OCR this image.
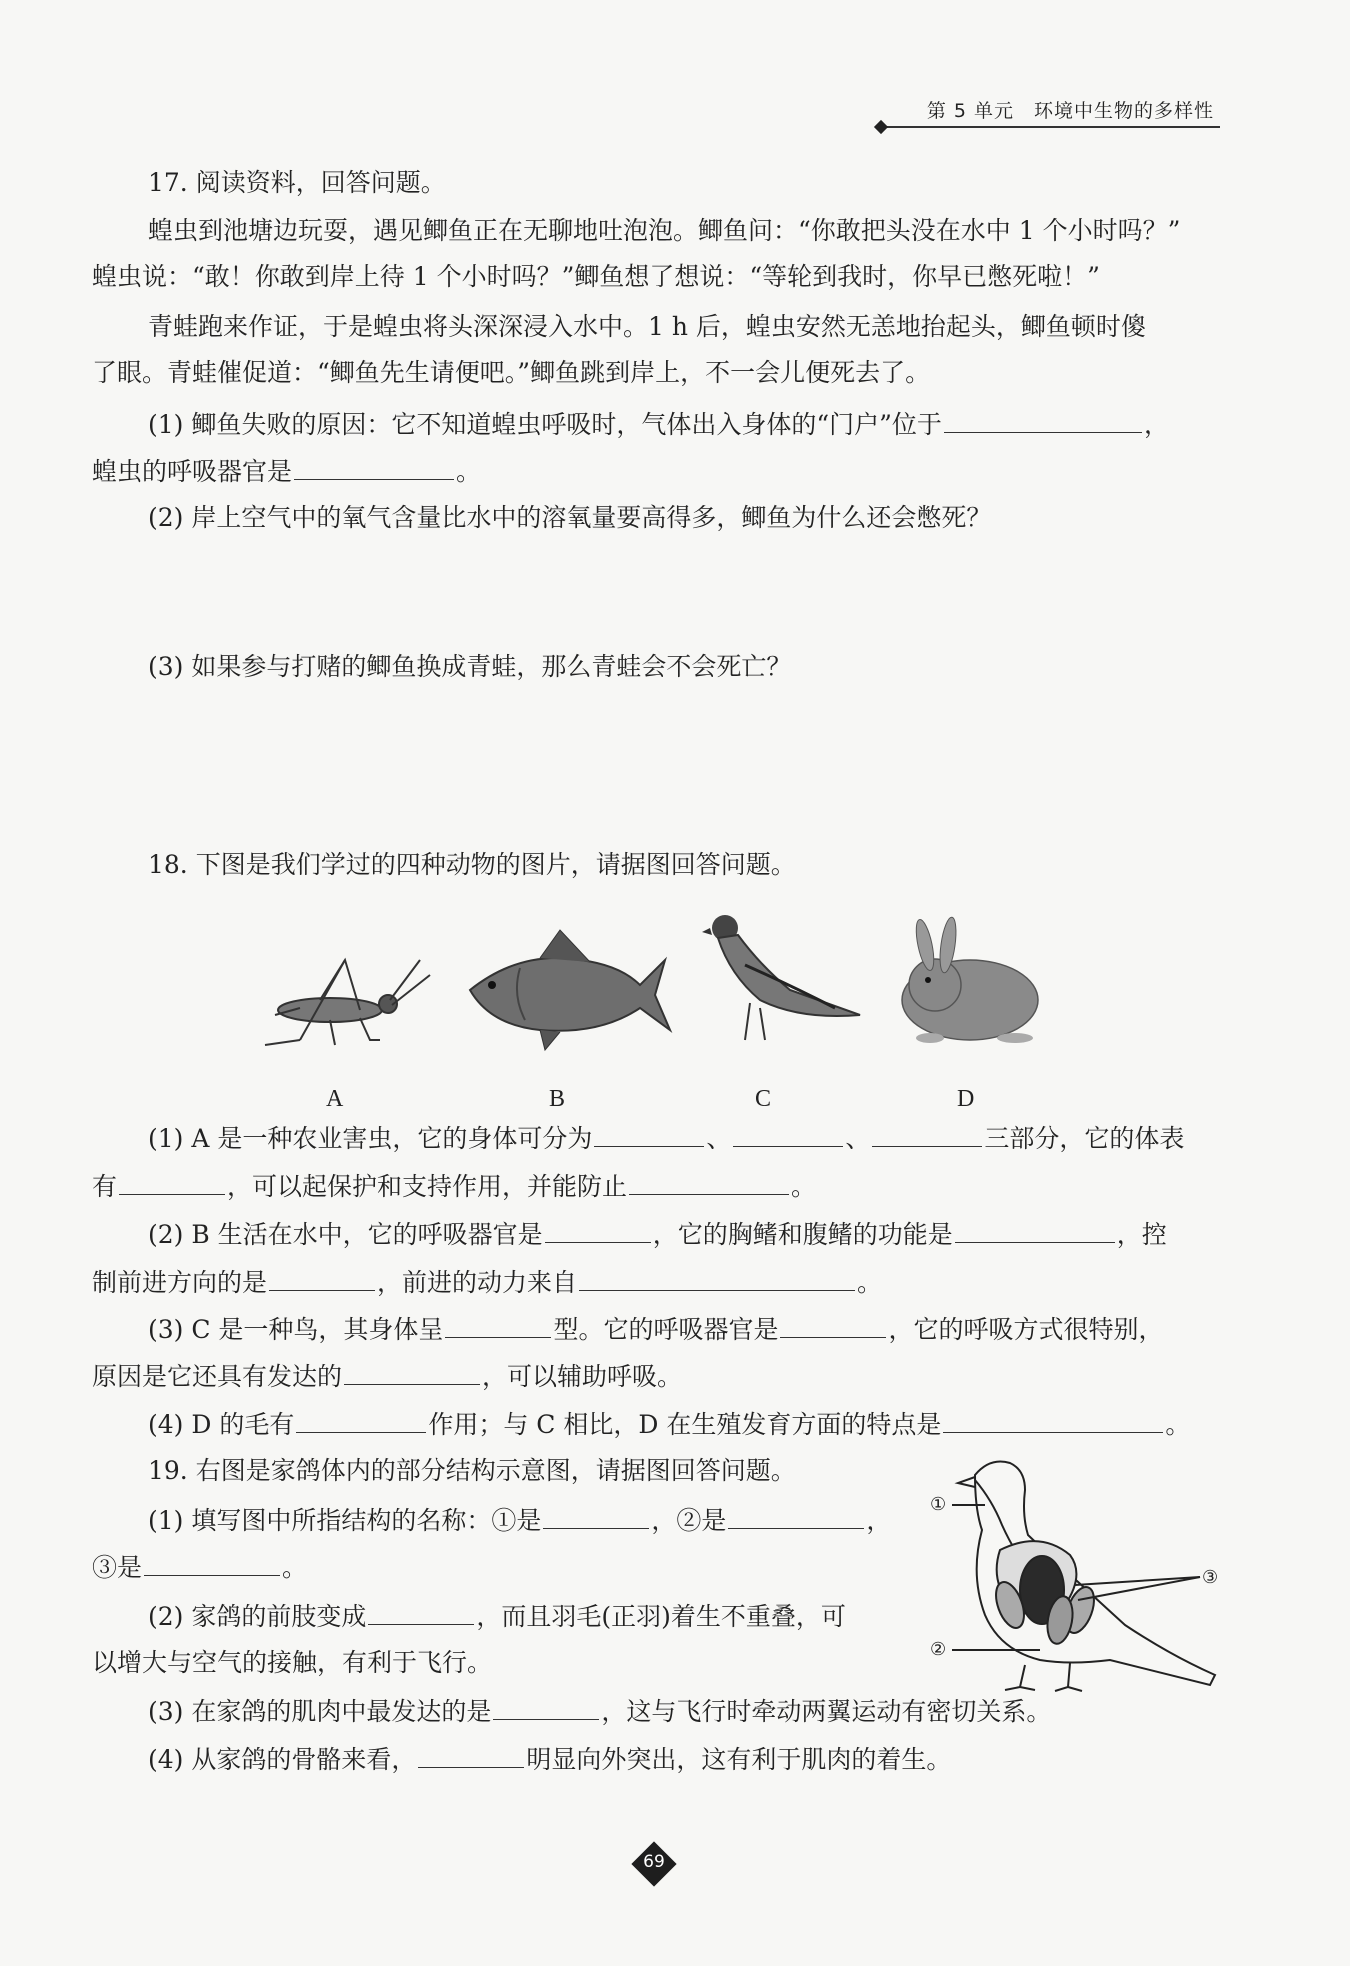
第 5 单元　环境中生物的多样性
17. 阅读资料，回答问题。
蝗虫到池塘边玩耍，遇见鲫鱼正在无聊地吐泡泡。鲫鱼问：“你敢把头没在水中 1 个小时吗？”
蝗虫说：“敢！你敢到岸上待 1 个小时吗？”鲫鱼想了想说：“等轮到我时，你早已憋死啦！”
青蛙跑来作证，于是蝗虫将头深深浸入水中。1 h 后，蝗虫安然无恙地抬起头，鲫鱼顿时傻
了眼。青蛙催促道：“鲫鱼先生请便吧。”鲫鱼跳到岸上，不一会儿便死去了。
(1) 鲫鱼失败的原因：它不知道蝗虫呼吸时，气体出入身体的“门户”位于	，
蝗虫的呼吸器官是	。
(2) 岸上空气中的氧气含量比水中的溶氧量要高得多，鲫鱼为什么还会憋死？
(3) 如果参与打赌的鲫鱼换成青蛙，那么青蛙会不会死亡？
18. 下图是我们学过的四种动物的图片，请据图回答问题。
A	B	C	D
(1) A 是一种农业害虫，它的身体可分为	、	、	三部分，它的体表
有	，可以起保护和支持作用，并能防止	。
(2) B 生活在水中，它的呼吸器官是	，它的胸鳍和腹鳍的功能是	，控
制前进方向的是	，前进的动力来自	。
(3) C 是一种鸟，其身体呈	型。它的呼吸器官是	，它的呼吸方式很特别，
原因是它还具有发达的	，可以辅助呼吸。
(4) D 的毛有	作用；与 C 相比，D 在生殖发育方面的特点是	。
19. 右图是家鸽体内的部分结构示意图，请据图回答问题。
(1) 填写图中所指结构的名称：①是	，②是	，
③是	。
(2) 家鸽的前肢变成	，而且羽毛(正羽)着生不重叠，可
以增大与空气的接触，有利于飞行。
(3) 在家鸽的肌肉中最发达的是	，这与飞行时牵动两翼运动有密切关系。
(4) 从家鸽的骨骼来看，	明显向外突出，这有利于肌肉的着生。
①
②
③
69
